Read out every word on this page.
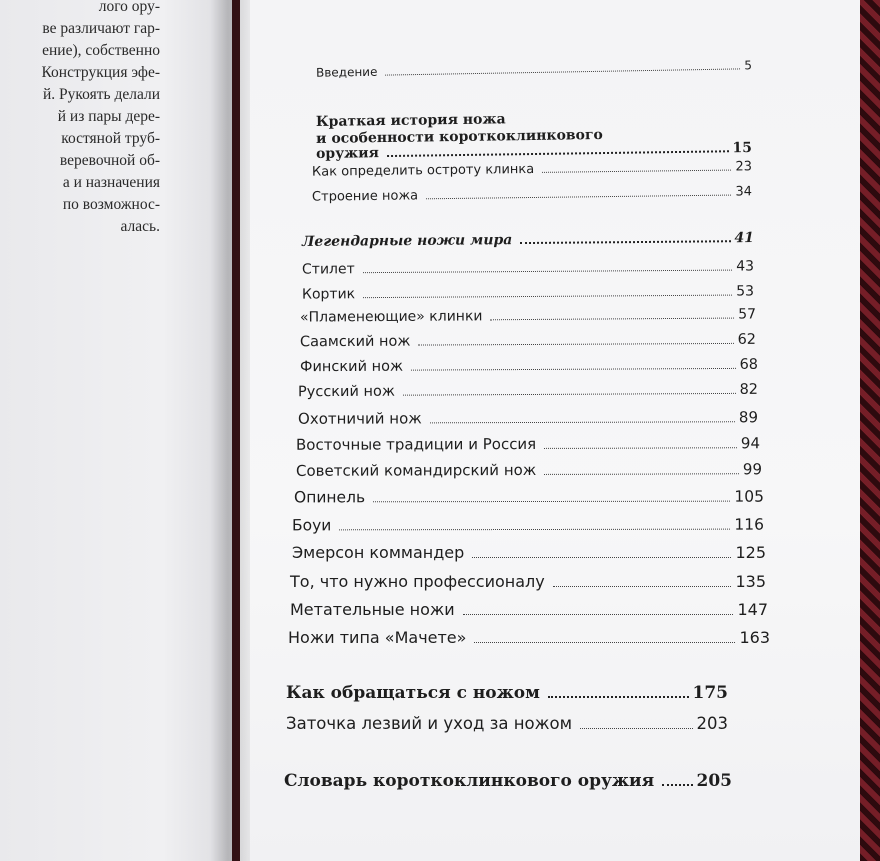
лого ору-
ве различают гар-
ение), собственно
Конструкция эфе-
й. Рукоять делали
й из пары дере-
костяной труб-
веревочной об-
а и назначения
по возможнос-
алась.
Введение	5
Краткая история ножа
и особенности короткоклинкового
оружия	15
Как определить остроту клинка	23
Строение ножа	34
Легендарные ножи мира	41
Стилет	43
Кортик	53
«Пламенеющие» клинки	57
Саамский нож	62
Финский нож	68
Русский нож	82
Охотничий нож	89
Восточные традиции и Россия	94
Советский командирский нож	99
Опинель	105
Боуи	116
Эмерсон коммандер	125
То, что нужно профессионалу	135
Метательные ножи	147
Ножи типа «Мачете»	163
Как обращаться с ножом	175
Заточка лезвий и уход за ножом	203
Словарь короткоклинкового оружия 205
